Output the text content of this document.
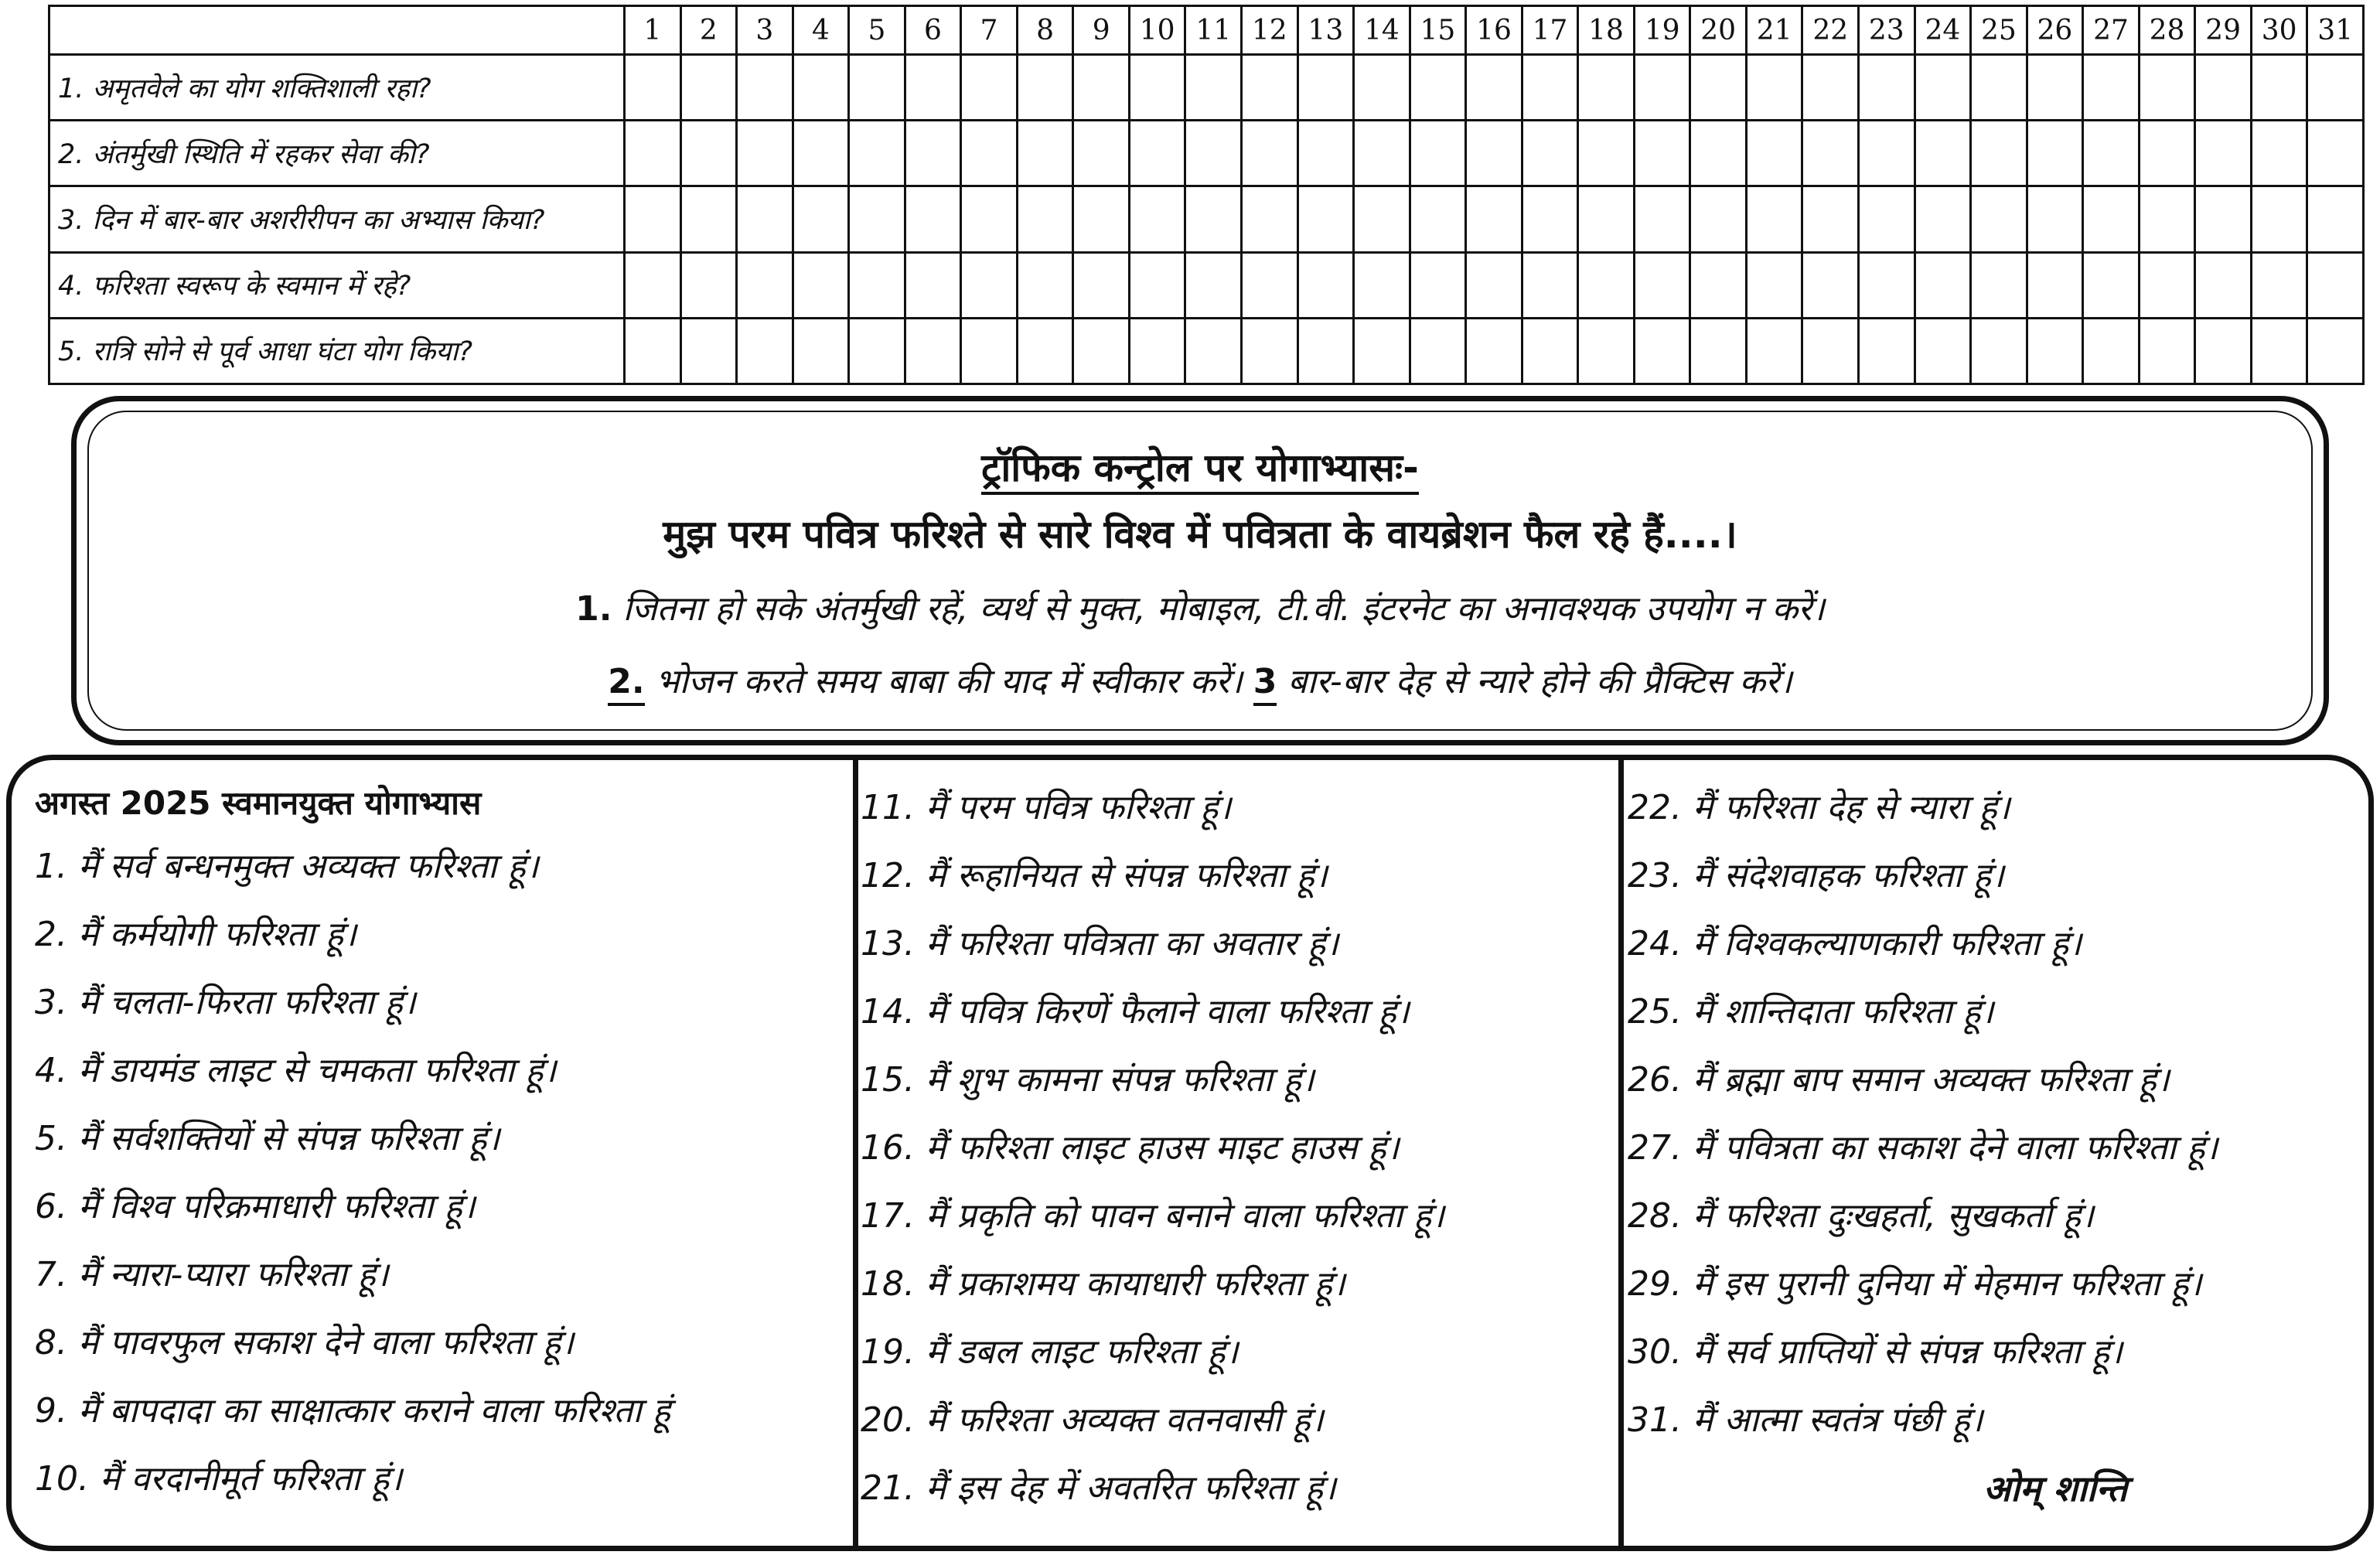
	1	2	3	4	5	6	7	8	9	10	11	12	13	14	15	16	17	18	19	20	21	22	23	24	25	26	27	28	29	30	31
1. अमृतवेले का योग शक्तिशाली रहा?																															
2. अंतर्मुखी स्थिति में रहकर सेवा की?																															
3. दिन में बार-बार अशरीरीपन का अभ्यास किया?																															
4. फरिश्ता स्वरूप के स्वमान में रहे?																															
5. रात्रि सोने से पूर्व आधा घंटा योग किया?																															
ट्रॉफिक कन्ट्रोल पर योगाभ्यासः-
मुझ परम पवित्र फरिश्ते से सारे विश्व में पवित्रता के वायब्रेशन फैल रहे हैं....।
1. जितना हो सके अंतर्मुखी रहें, व्यर्थ से मुक्त, मोबाइल, टी.वी. इंटरनेट का अनावश्यक उपयोग न करें।
2. भोजन करते समय बाबा की याद में स्वीकार करें। 3 बार-बार देह से न्यारे होने की प्रैक्टिस करें।
अगस्त 2025 स्वमानयुक्त योगाभ्यास
1. मैं सर्व बन्धनमुक्त अव्यक्त फरिश्ता हूं।
2. मैं कर्मयोगी फरिश्ता हूं।
3. मैं चलता-फिरता फरिश्ता हूं।
4. मैं डायमंड लाइट से चमकता फरिश्ता हूं।
5. मैं सर्वशक्तियों से संपन्न फरिश्ता हूं।
6. मैं विश्व परिक्रमाधारी फरिश्ता हूं।
7. मैं न्यारा-प्यारा फरिश्ता हूं।
8. मैं पावरफुल सकाश देने वाला फरिश्ता हूं।
9. मैं बापदादा का साक्षात्कार कराने वाला फरिश्ता हूं
10. मैं वरदानीमूर्त फरिश्ता हूं।
11. मैं परम पवित्र फरिश्ता हूं।
12. मैं रूहानियत से संपन्न फरिश्ता हूं।
13. मैं फरिश्ता पवित्रता का अवतार हूं।
14. मैं पवित्र किरणें फैलाने वाला फरिश्ता हूं।
15. मैं शुभ कामना संपन्न फरिश्ता हूं।
16. मैं फरिश्ता लाइट हाउस माइट हाउस हूं।
17. मैं प्रकृति को पावन बनाने वाला फरिश्ता हूं।
18. मैं प्रकाशमय कायाधारी फरिश्ता हूं।
19. मैं डबल लाइट फरिश्ता हूं।
20. मैं फरिश्ता अव्यक्त वतनवासी हूं।
21. मैं इस देह में अवतरित फरिश्ता हूं।
22. मैं फरिश्ता देह से न्यारा हूं।
23. मैं संदेशवाहक फरिश्ता हूं।
24. मैं विश्वकल्याणकारी फरिश्ता हूं।
25. मैं शान्तिदाता फरिश्ता हूं।
26. मैं ब्रह्मा बाप समान अव्यक्त फरिश्ता हूं।
27. मैं पवित्रता का सकाश देने वाला फरिश्ता हूं।
28. मैं फरिश्ता दुःखहर्ता, सुखकर्ता हूं।
29. मैं इस पुरानी दुनिया में मेहमान फरिश्ता हूं।
30. मैं सर्व प्राप्तियों से संपन्न फरिश्ता हूं।
31. मैं आत्मा स्वतंत्र पंछी हूं।
ओम् शान्ति
